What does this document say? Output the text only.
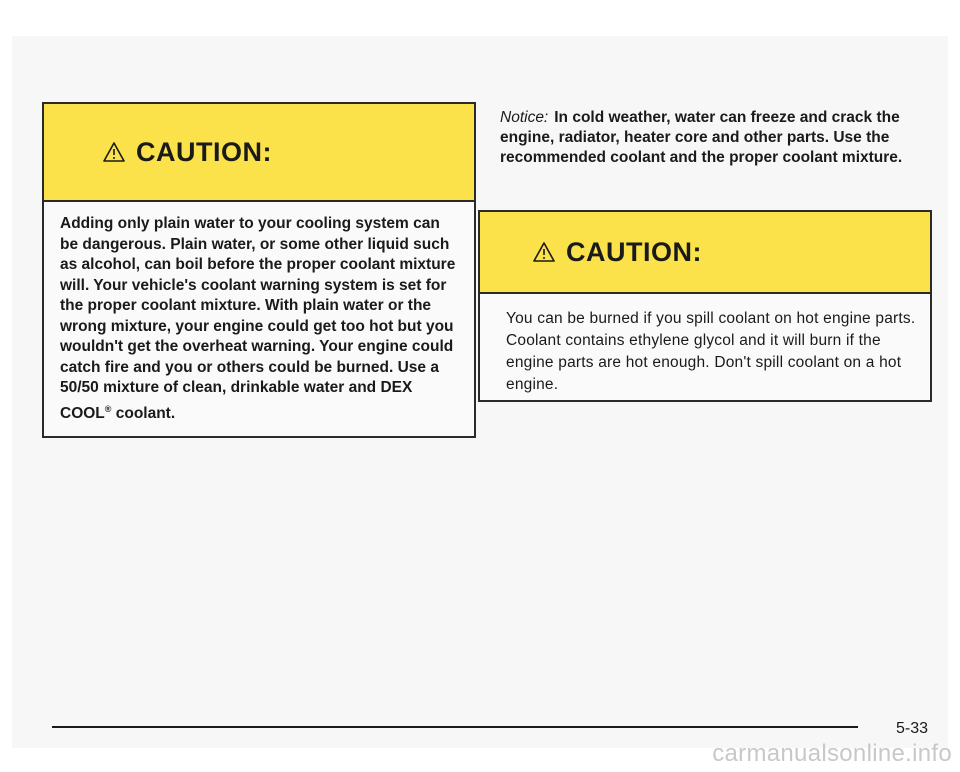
CAUTION:
Adding only plain water to your cooling system can be dangerous. Plain water, or some other liquid such as alcohol, can boil before the proper coolant mixture will. Your vehicle's coolant warning system is set for the proper coolant mixture. With plain water or the wrong mixture, your engine could get too hot but you wouldn't get the overheat warning. Your engine could catch fire and you or others could be burned. Use a 50/50 mixture of clean, drinkable water and DEX COOL® coolant.
Notice: In cold weather, water can freeze and crack the engine, radiator, heater core and other parts. Use the recommended coolant and the proper coolant mixture.
CAUTION:
You can be burned if you spill coolant on hot engine parts. Coolant contains ethylene glycol and it will burn if the engine parts are hot enough. Don't spill coolant on a hot engine.
5-33
carmanualsonline.info
